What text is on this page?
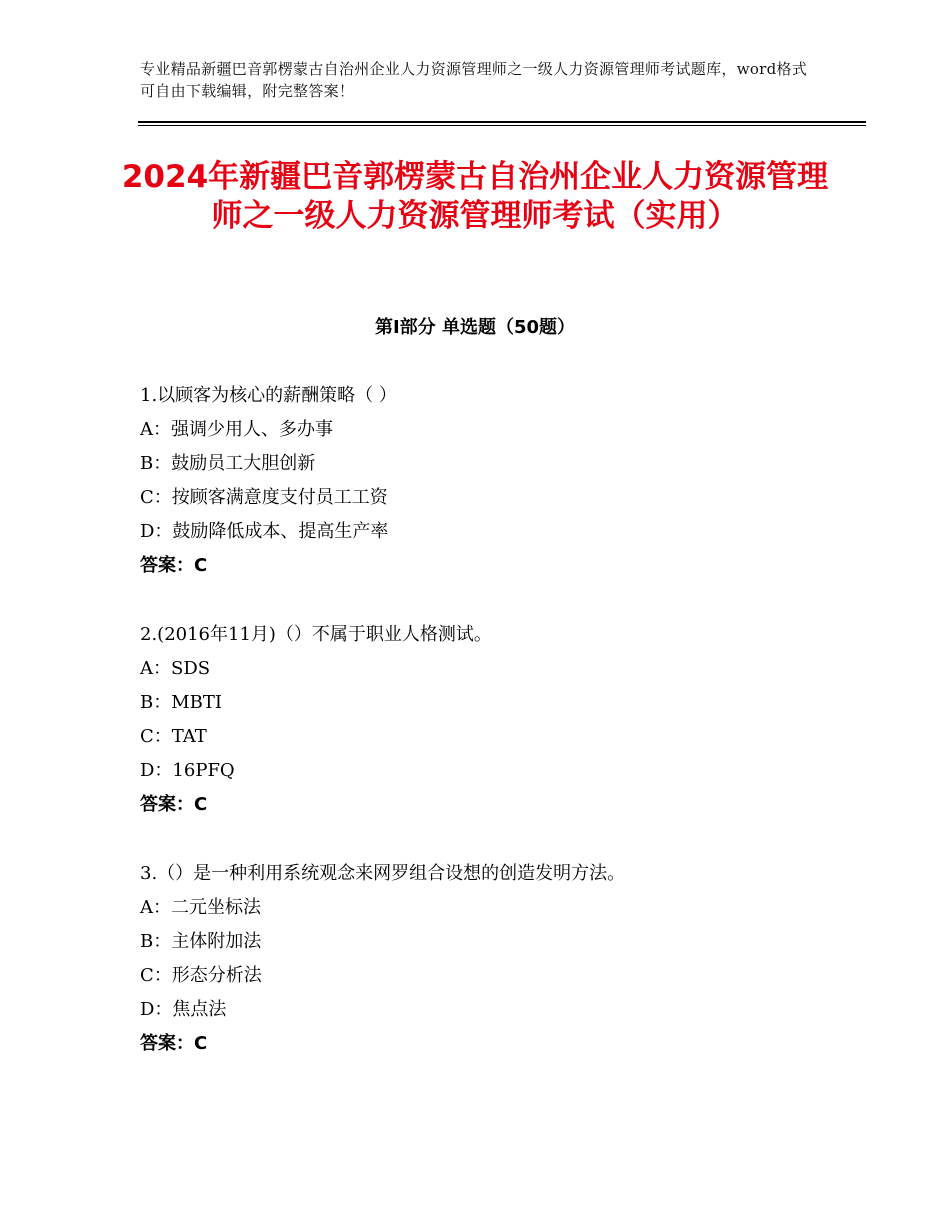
专业精品新疆巴音郭楞蒙古自治州企业人力资源管理师之一级人力资源管理师考试题库，word格式可自由下载编辑，附完整答案！
2024年新疆巴音郭楞蒙古自治州企业人力资源管理师之一级人力资源管理师考试（实用）
第Ⅰ部分 单选题（50题）
1.以顾客为核心的薪酬策略（ ）
A：强调少用人、多办事
B：鼓励员工大胆创新
C：按顾客满意度支付员工工资
D：鼓励降低成本、提高生产率
答案：C
2.(2016年11月)（）不属于职业人格测试。
A：SDS
B：MBTI
C：TAT
D：16PFQ
答案：C
3.（）是一种利用系统观念来网罗组合设想的创造发明方法。
A：二元坐标法
B：主体附加法
C：形态分析法
D：焦点法
答案：C
